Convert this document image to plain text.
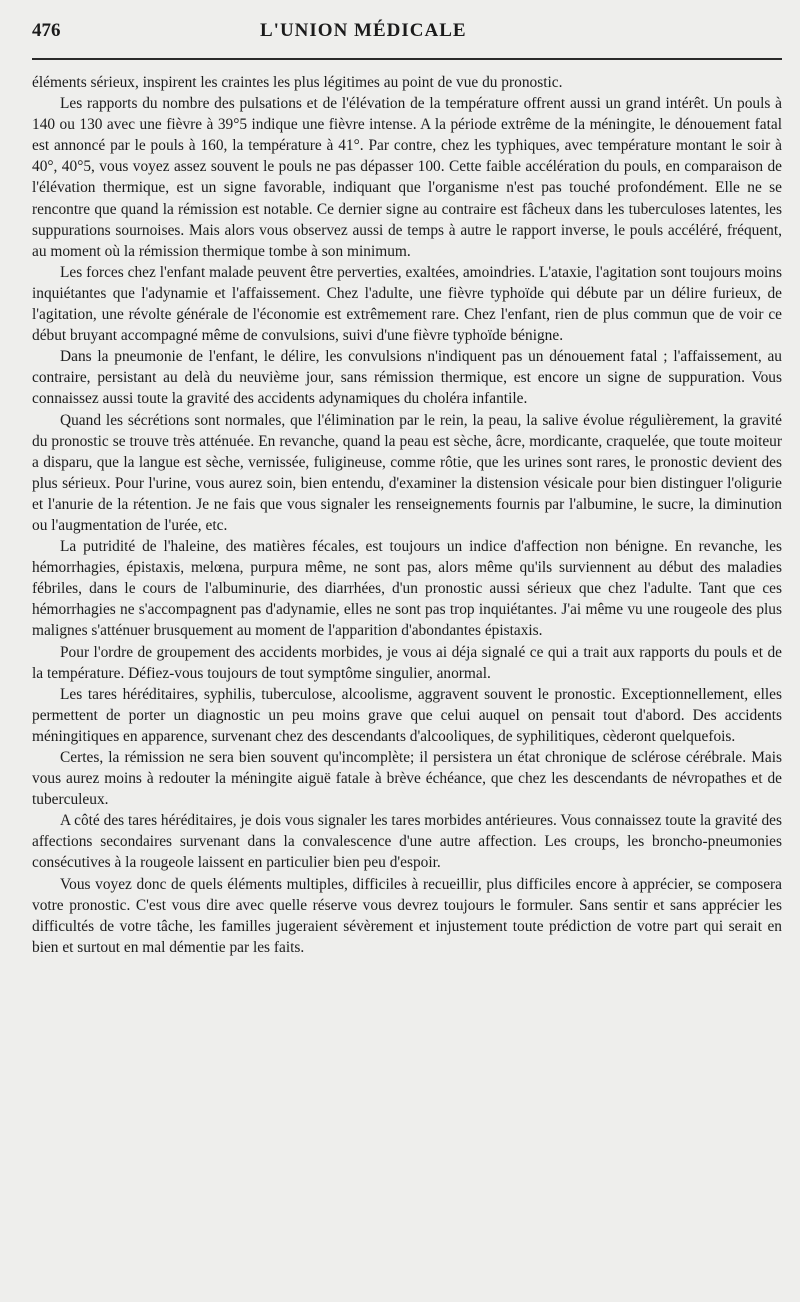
476	L'UNION MÉDICALE

éléments sérieux, inspirent les craintes les plus légitimes au point de vue du pronostic.

Les rapports du nombre des pulsations et de l'élévation de la température offrent aussi un grand intérêt. Un pouls à 140 ou 130 avec une fièvre à 39°5 indique une fièvre intense. A la période extrême de la méningite, le dénouement fatal est annoncé par le pouls à 160, la température à 41°. Par contre, chez les typhiques, avec température montant le soir à 40°, 40°5, vous voyez assez souvent le pouls ne pas dépasser 100. Cette faible accélération du pouls, en comparaison de l'élévation thermique, est un signe favorable, indiquant que l'organisme n'est pas touché profondément. Elle ne se rencontre que quand la rémission est notable. Ce dernier signe au contraire est fâcheux dans les tuberculoses latentes, les suppurations sournoises. Mais alors vous observez aussi de temps à autre le rapport inverse, le pouls accéléré, fréquent, au moment où la rémission thermique tombe à son minimum.

Les forces chez l'enfant malade peuvent être perverties, exaltées, amoindries. L'ataxie, l'agitation sont toujours moins inquiétantes que l'adynamie et l'affaissement. Chez l'adulte, une fièvre typhoïde qui débute par un délire furieux, de l'agitation, une révolte générale de l'économie est extrêmement rare. Chez l'enfant, rien de plus commun que de voir ce début bruyant accompagné même de convulsions, suivi d'une fièvre typhoïde bénigne.

Dans la pneumonie de l'enfant, le délire, les convulsions n'indiquent pas un dénouement fatal ; l'affaissement, au contraire, persistant au delà du neuvième jour, sans rémission thermique, est encore un signe de suppuration. Vous connaissez aussi toute la gravité des accidents adynamiques du choléra infantile.

Quand les sécrétions sont normales, que l'élimination par le rein, la peau, la salive évolue régulièrement, la gravité du pronostic se trouve très atténuée. En revanche, quand la peau est sèche, âcre, mordicante, craquelée, que toute moiteur a disparu, que la langue est sèche, vernissée, fuligineuse, comme rôtie, que les urines sont rares, le pronostic devient des plus sérieux. Pour l'urine, vous aurez soin, bien entendu, d'examiner la distension vésicale pour bien distinguer l'oligurie et l'anurie de la rétention. Je ne fais que vous signaler les renseignements fournis par l'albumine, le sucre, la diminution ou l'augmentation de l'urée, etc.

La putridité de l'haleine, des matières fécales, est toujours un indice d'affection non bénigne. En revanche, les hémorrhagies, épistaxis, melœna, purpura même, ne sont pas, alors même qu'ils surviennent au début des maladies fébriles, dans le cours de l'albuminurie, des diarrhées, d'un pronostic aussi sérieux que chez l'adulte. Tant que ces hémorrhagies ne s'accompagnent pas d'adynamie, elles ne sont pas trop inquiétantes. J'ai même vu une rougeole des plus malignes s'atténuer brusquement au moment de l'apparition d'abondantes épistaxis.

Pour l'ordre de groupement des accidents morbides, je vous ai déja signalé ce qui a trait aux rapports du pouls et de la température. Défiez-vous toujours de tout symptôme singulier, anormal.

Les tares héréditaires, syphilis, tuberculose, alcoolisme, aggravent souvent le pronostic. Exceptionnellement, elles permettent de porter un diagnostic un peu moins grave que celui auquel on pensait tout d'abord. Des accidents méningitiques en apparence, survenant chez des descendants d'alcooliques, de syphilitiques, cèderont quelquefois.

Certes, la rémission ne sera bien souvent qu'incomplète; il persistera un état chronique de sclérose cérébrale. Mais vous aurez moins à redouter la méningite aiguë fatale à brève échéance, que chez les descendants de névropathes et de tuberculeux.

A côté des tares héréditaires, je dois vous signaler les tares morbides antérieures. Vous connaissez toute la gravité des affections secondaires survenant dans la convalescence d'une autre affection. Les croups, les broncho-pneumonies consécutives à la rougeole laissent en particulier bien peu d'espoir.

Vous voyez donc de quels éléments multiples, difficiles à recueillir, plus difficiles encore à apprécier, se composera votre pronostic. C'est vous dire avec quelle réserve vous devrez toujours le formuler. Sans sentir et sans apprécier les difficultés de votre tâche, les familles jugeraient sévèrement et injustement toute prédiction de votre part qui serait en bien et surtout en mal démentie par les faits.
